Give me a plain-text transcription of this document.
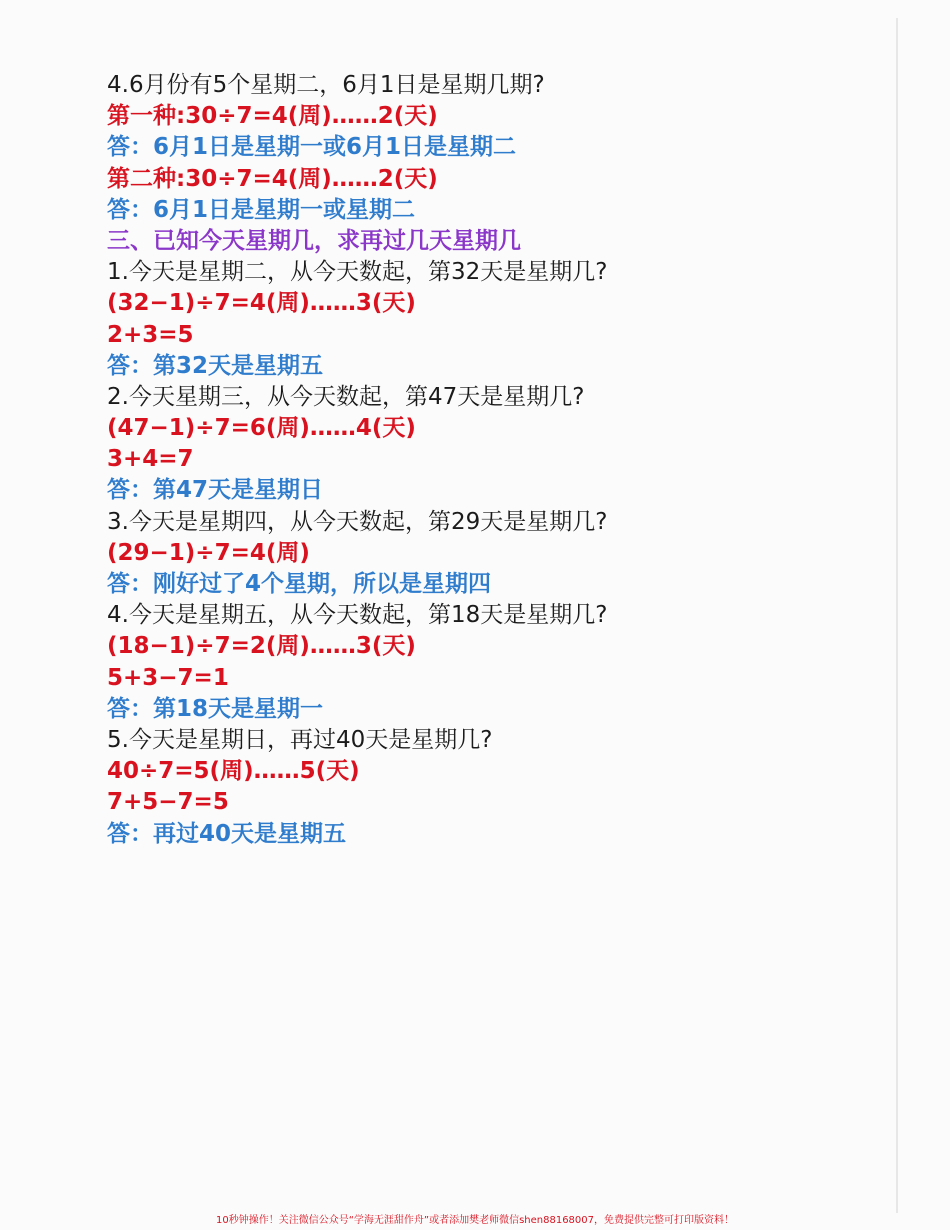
4.6月份有5个星期二，6月1日是星期几期?
第一种:30÷7=4(周)……2(天)
答：6月1日是星期一或6月1日是星期二
第二种:30÷7=4(周)……2(天)
答：6月1日是星期一或星期二
三、已知今天星期几，求再过几天星期几
1.今天是星期二，从今天数起，第32天是星期几?
(32−1)÷7=4(周)……3(天)
2+3=5
答：第32天是星期五
2.今天星期三，从今天数起，第47天是星期几?
(47−1)÷7=6(周)……4(天)
3+4=7
答：第47天是星期日
3.今天是星期四，从今天数起，第29天是星期几?
(29−1)÷7=4(周)
答：刚好过了4个星期，所以是星期四
4.今天是星期五，从今天数起，第18天是星期几?
(18−1)÷7=2(周)……3(天)
5+3−7=1
答：第18天是星期一
5.今天是星期日，再过40天是星期几?
40÷7=5(周)……5(天)
7+5−7=5
答：再过40天是星期五
10秒钟操作！关注微信公众号“学海无涯甜作舟”或者添加樊老师微信shen88168007，免费提供完整可打印版资料！
